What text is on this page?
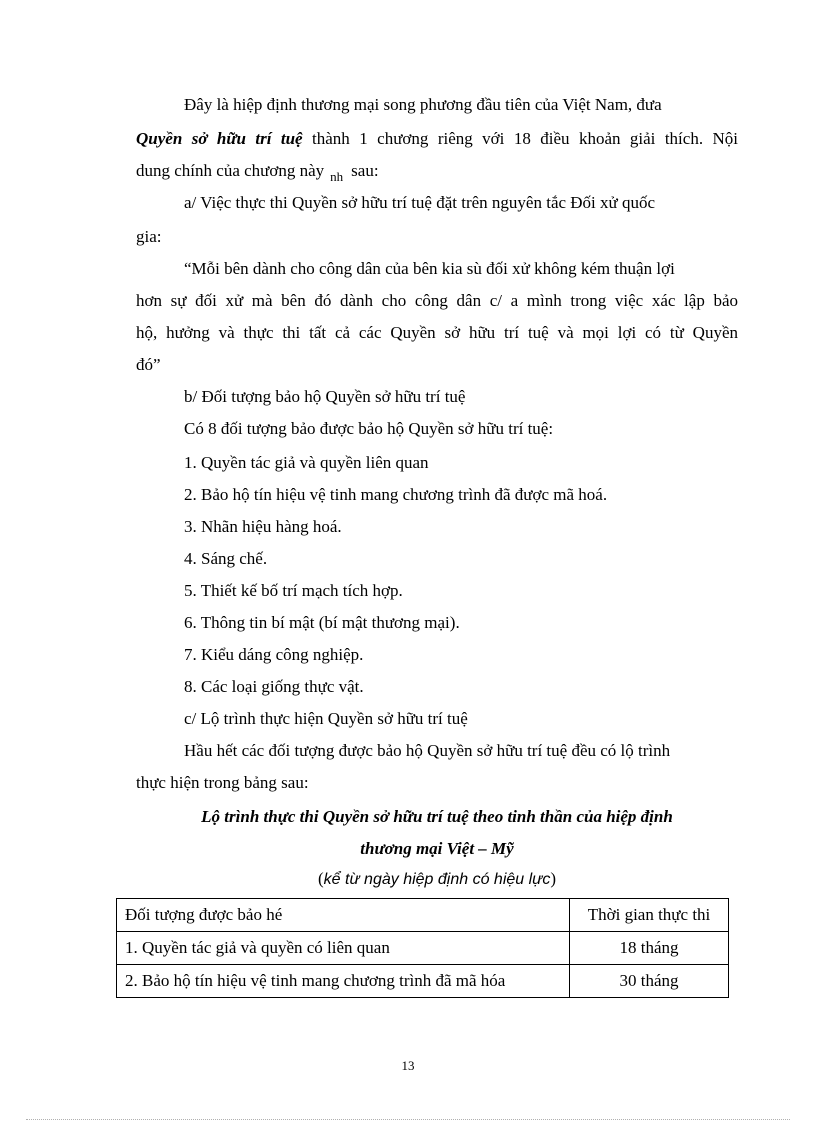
Đây là hiệp định thương mại song phương đầu tiên của Việt Nam, đưa
Quyền sở hữu trí tuệ thành 1 chương riêng với 18 điều khoản giải thích. Nội
dung chính của chương này $_{nh}$ sau:
a/ Việc thực thi Quyền sở hữu trí tuệ đặt trên nguyên tắc Đối xử quốc
gia:
“Mỗi bên dành cho công dân của bên kia sù đối xử không kém thuận lợi
hơn sự đối xử mà bên đó dành cho công dân c/ a mình trong việc xác lập bảo
hộ, hưởng và thực thi tất cả các Quyền sở hữu trí tuệ và mọi lợi có từ Quyền
đó”
b/ Đối tượng bảo hộ Quyền sở hữu trí tuệ
Có 8 đối tượng bảo được bảo hộ Quyền sở hữu trí tuệ:
1. Quyền tác giả và quyền liên quan
2. Bảo hộ tín hiệu vệ tinh mang chương trình đã được mã hoá.
3. Nhãn hiệu hàng hoá.
4. Sáng chế.
5. Thiết kế bố trí mạch tích hợp.
6. Thông tin bí mật (bí mật thương mại).
7. Kiểu dáng công nghiệp.
8. Các loại giống thực vật.
c/ Lộ trình thực hiện Quyền sở hữu trí tuệ
Hầu hết các đối tượng được bảo hộ Quyền sở hữu trí tuệ đều có lộ trình
thực hiện trong bảng sau:
Lộ trình thực thi Quyền sở hữu trí tuệ theo tinh thần của hiệp định
thương mại Việt – Mỹ
(kể từ ngày hiệp định có hiệu lực)
Đối tượng được bảo hé	Thời gian thực thi
1. Quyền tác giả và quyền có liên quan	18 tháng
2. Bảo hộ tín hiệu vệ tinh mang chương trình đã mã hóa	30 tháng
13
